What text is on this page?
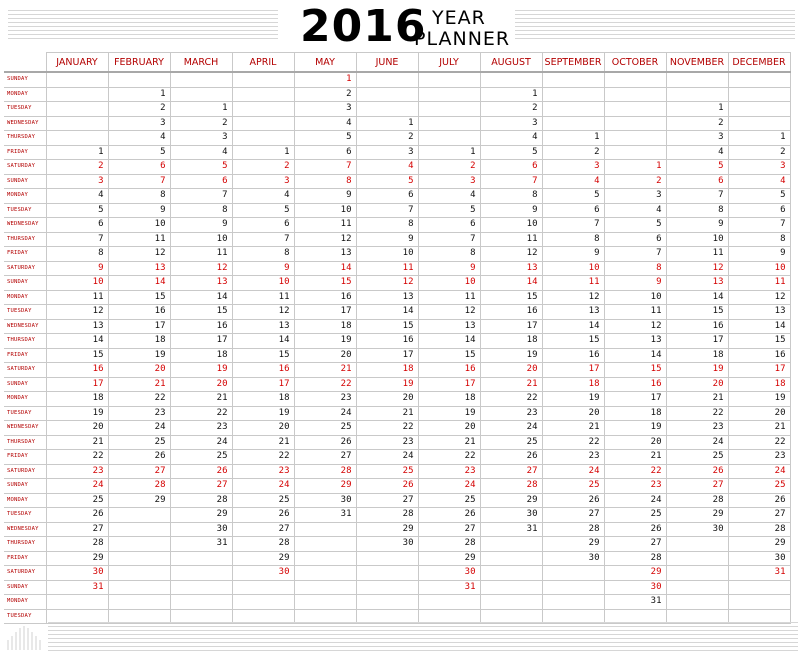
2016 YEAR
PLANNER
	JANUARY	FEBRUARY	MARCH	APRIL	MAY	JUNE	JULY	AUGUST	SEPTEMBER	OCTOBER	NOVEMBER	DECEMBER
SUNDAY					1							
MONDAY		1			2			1				
TUESDAY		2	1		3			2			1	
WEDNESDAY		3	2		4	1		3			2	
THURSDAY		4	3		5	2		4	1		3	1
FRIDAY	1	5	4	1	6	3	1	5	2		4	2
SATURDAY	2	6	5	2	7	4	2	6	3	1	5	3
SUNDAY	3	7	6	3	8	5	3	7	4	2	6	4
MONDAY	4	8	7	4	9	6	4	8	5	3	7	5
TUESDAY	5	9	8	5	10	7	5	9	6	4	8	6
WEDNESDAY	6	10	9	6	11	8	6	10	7	5	9	7
THURSDAY	7	11	10	7	12	9	7	11	8	6	10	8
FRIDAY	8	12	11	8	13	10	8	12	9	7	11	9
SATURDAY	9	13	12	9	14	11	9	13	10	8	12	10
SUNDAY	10	14	13	10	15	12	10	14	11	9	13	11
MONDAY	11	15	14	11	16	13	11	15	12	10	14	12
TUESDAY	12	16	15	12	17	14	12	16	13	11	15	13
WEDNESDAY	13	17	16	13	18	15	13	17	14	12	16	14
THURSDAY	14	18	17	14	19	16	14	18	15	13	17	15
FRIDAY	15	19	18	15	20	17	15	19	16	14	18	16
SATURDAY	16	20	19	16	21	18	16	20	17	15	19	17
SUNDAY	17	21	20	17	22	19	17	21	18	16	20	18
MONDAY	18	22	21	18	23	20	18	22	19	17	21	19
TUESDAY	19	23	22	19	24	21	19	23	20	18	22	20
WEDNESDAY	20	24	23	20	25	22	20	24	21	19	23	21
THURSDAY	21	25	24	21	26	23	21	25	22	20	24	22
FRIDAY	22	26	25	22	27	24	22	26	23	21	25	23
SATURDAY	23	27	26	23	28	25	23	27	24	22	26	24
SUNDAY	24	28	27	24	29	26	24	28	25	23	27	25
MONDAY	25	29	28	25	30	27	25	29	26	24	28	26
TUESDAY	26		29	26	31	28	26	30	27	25	29	27
WEDNESDAY	27		30	27		29	27	31	28	26	30	28
THURSDAY	28		31	28		30	28		29	27		29
FRIDAY	29			29			29		30	28		30
SATURDAY	30			30			30			29		31
SUNDAY	31						31			30		
MONDAY										31		
TUESDAY												
